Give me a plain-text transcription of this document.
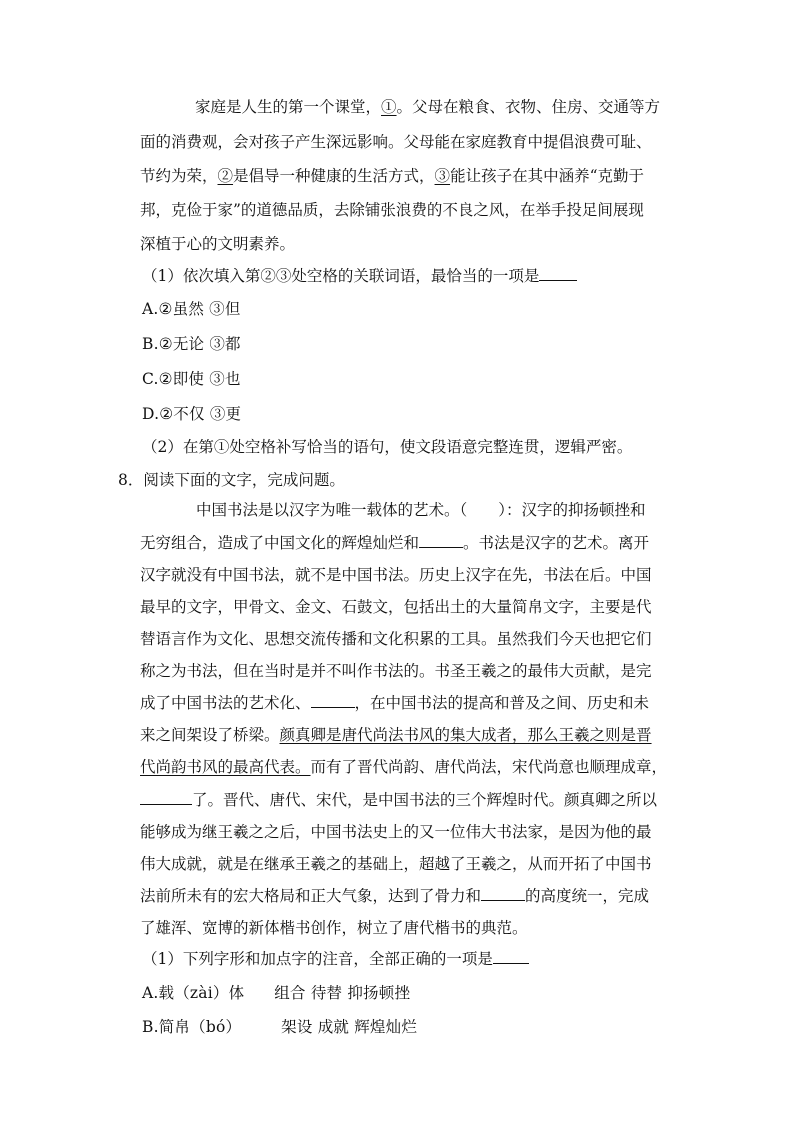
家庭是人生的第一个课堂，①。父母在粮食、衣物、住房、交通等方
面的消费观，会对孩子产生深远影响。父母能在家庭教育中提倡浪费可耻、
节约为荣，②是倡导一种健康的生活方式，③能让孩子在其中涵养“克勤于
邦，克俭于家”的道德品质，去除铺张浪费的不良之风，在举手投足间展现
深植于心的文明素养。
（1）依次填入第②③处空格的关联词语，最恰当的一项是
A.②虽然 ③但
B.②无论 ③都
C.②即使 ③也
D.②不仅 ③更
（2）在第①处空格补写恰当的语句，使文段语意完整连贯，逻辑严密。
8．阅读下面的文字，完成问题。
中国书法是以汉字为唯一载体的艺术。（　　）：汉字的抑扬顿挫和
无穷组合，造成了中国文化的辉煌灿烂和	。书法是汉字的艺术。离开
汉字就没有中国书法，就不是中国书法。历史上汉字在先，书法在后。中国
最早的文字，甲骨文、金文、石鼓文，包括出土的大量简帛文字，主要是代
替语言作为文化、思想交流传播和文化积累的工具。虽然我们今天也把它们
称之为书法，但在当时是并不叫作书法的。书圣王羲之的最伟大贡献，是完
成了中国书法的艺术化、	，在中国书法的提高和普及之间、历史和未
来之间架设了桥梁。颜真卿是唐代尚法书风的集大成者，那么王羲之则是晋
代尚韵书风的最高代表。而有了晋代尚韵、唐代尚法，宋代尚意也顺理成章，
了。晋代、唐代、宋代，是中国书法的三个辉煌时代。颜真卿之所以
能够成为继王羲之之后，中国书法史上的又一位伟大书法家，是因为他的最
伟大成就，就是在继承王羲之的基础上，超越了王羲之，从而开拓了中国书
法前所未有的宏大格局和正大气象，达到了骨力和	的高度统一，完成
了雄浑、宽博的新体楷书创作，树立了唐代楷书的典范。
（1）下列字形和加点字的注音，全部正确的一项是
A.载（zài）体 组合 待替 抑扬顿挫
B.简帛（bó）	架设 成就 辉煌灿烂
